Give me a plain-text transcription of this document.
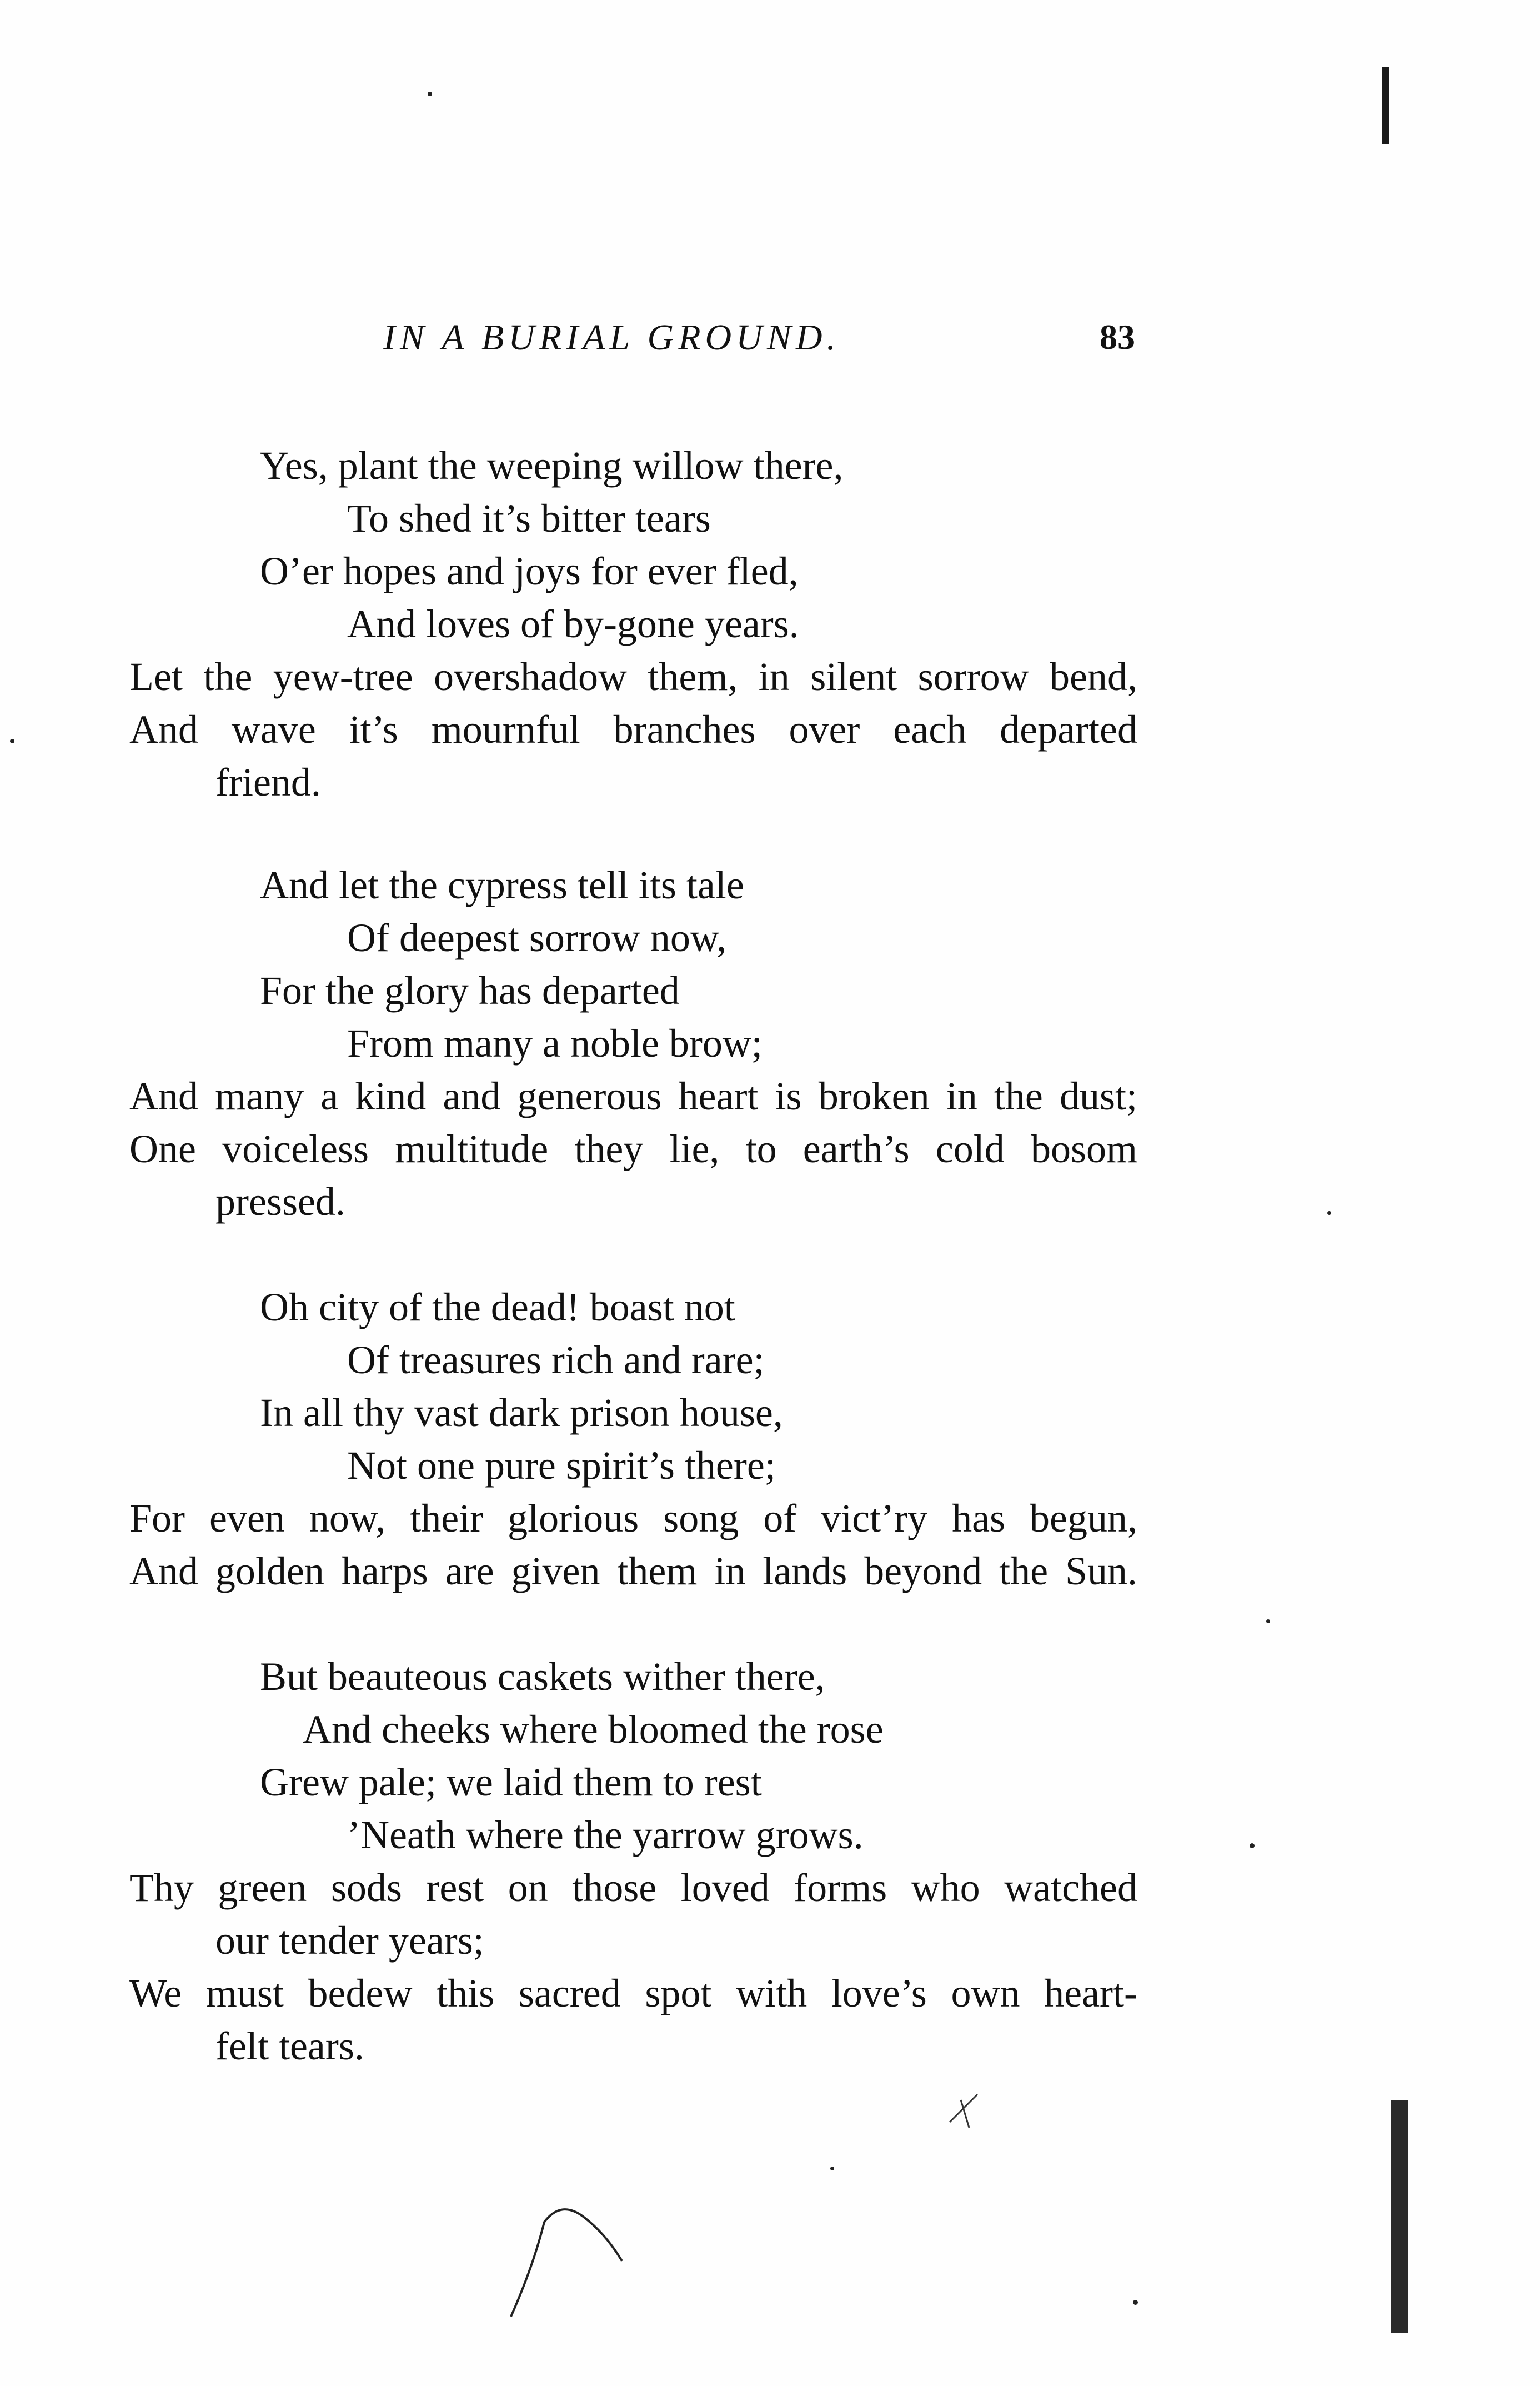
IN A BURIAL GROUND.	83
Yes, plant the weeping willow there,
To shed it’s bitter tears
O’er hopes and joys for ever fled,
And loves of by-gone years.
Let the yew-tree overshadow them, in silent sorrow bend,
And wave it’s mournful branches over each departed
friend.
And let the cypress tell its tale
Of deepest sorrow now,
For the glory has departed
From many a noble brow;
And many a kind and generous heart is broken in the dust;
One voiceless multitude they lie, to earth’s cold bosom
pressed.
Oh city of the dead! boast not
Of treasures rich and rare;
In all thy vast dark prison house,
Not one pure spirit’s there;
For even now, their glorious song of vict’ry has begun,
And golden harps are given them in lands beyond the Sun.
But beauteous caskets wither there,
And cheeks where bloomed the rose
Grew pale; we laid them to rest
’Neath where the yarrow grows.
Thy green sods rest on those loved forms who watched
our tender years;
We must bedew this sacred spot with love’s own heart-
felt tears.
